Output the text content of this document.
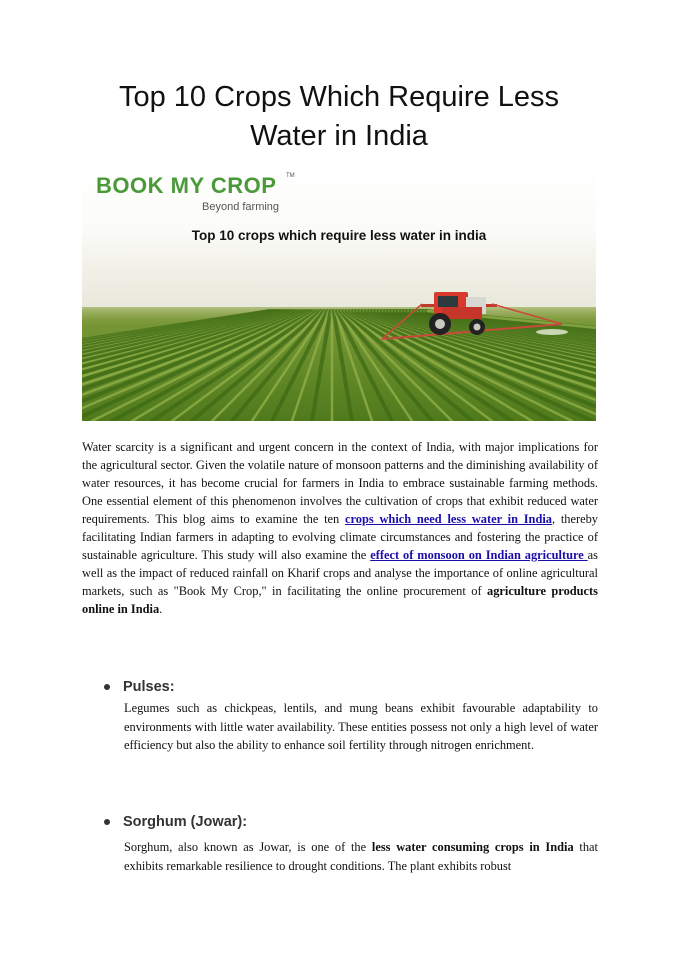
Top 10 Crops Which Require Less
Water in India
BOOK MY CROP TM
Beyond farming
Top 10 crops which require less water in india

Water scarcity is a significant and urgent concern in the context of India, with major implications for the agricultural sector. Given the volatile nature of monsoon patterns and the diminishing availability of water resources, it has become crucial for farmers in India to embrace sustainable farming methods. One essential element of this phenomenon involves the cultivation of crops that exhibit reduced water requirements. This blog aims to examine the ten crops which need less water in India, thereby facilitating Indian farmers in adapting to evolving climate circumstances and fostering the practice of sustainable agriculture. This study will also examine the effect of monsoon on Indian agriculture as well as the impact of reduced rainfall on Kharif crops and analyse the importance of online agricultural markets, such as "Book My Crop," in facilitating the online procurement of agriculture products online in India.

Pulses:

Legumes such as chickpeas, lentils, and mung beans exhibit favourable adaptability to environments with little water availability. These entities possess not only a high level of water efficiency but also the ability to enhance soil fertility through nitrogen enrichment.

Sorghum (Jowar):

Sorghum, also known as Jowar, is one of the less water consuming crops in India that exhibits remarkable resilience to drought conditions. The plant exhibits robust
